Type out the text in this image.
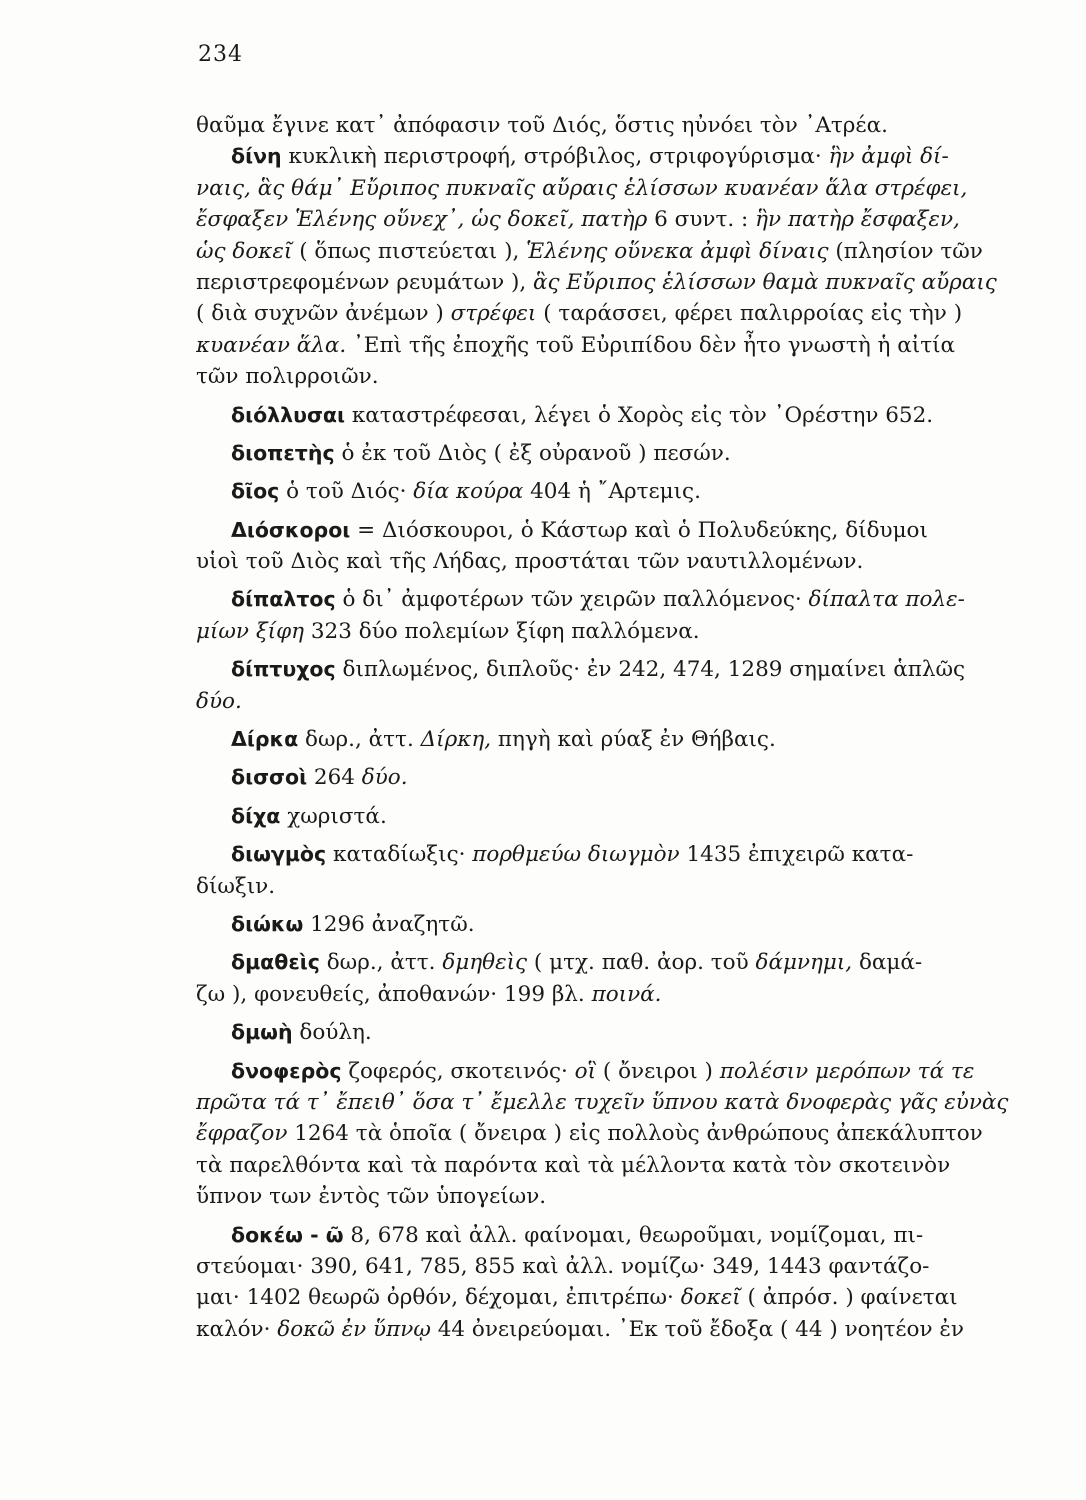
234
θαῦμα ἔγινε κατ᾽ ἀπόφασιν τοῦ Διός, ὅστις ηὐνόει τὸν ᾽Ατρέα.
δίνη κυκλικὴ περιστροφή, στρόβιλος, στριφογύρισμα· ἣν ἀμφὶ δί-
ναις, ἃς θάμ᾽ Εὔριπος πυκναῖς αὔραις ἑλίσσων κυανέαν ἅλα στρέφει,
ἔσφαξεν Ἑλένης οὕνεχ᾽, ὡς δοκεῖ, πατὴρ 6 συντ. : ἣν πατὴρ ἔσφαξεν,
ὡς δοκεῖ ( ὅπως πιστεύεται ), Ἑλένης οὕνεκα ἀμφὶ δίναις (πλησίον τῶν
περιστρεφομένων ρευμάτων ), ἃς Εὔριπος ἑλίσσων θαμὰ πυκναῖς αὔραις
( διὰ συχνῶν ἀνέμων ) στρέφει ( ταράσσει, φέρει παλιρροίας εἰς τὴν )
κυανέαν ἅλα. ᾽Επὶ τῆς ἐποχῆς τοῦ Εὐριπίδου δὲν ἦτο γνωστὴ ἡ αἰτία
τῶν πολιρροιῶν.
διόλλυσαι καταστρέφεσαι, λέγει ὁ Χορὸς εἰς τὸν ᾽Ορέστην 652.
διοπετὴς ὁ ἐκ τοῦ Διὸς ( ἐξ οὐρανοῦ ) πεσών.
δῖος ὁ τοῦ Διός· δία κούρα 404 ἡ ῎Αρτεμις.
Διόσκοροι = Διόσκουροι, ὁ Κάστωρ καὶ ὁ Πολυδεύκης, δίδυμοι
υἱοὶ τοῦ Διὸς καὶ τῆς Λήδας, προστάται τῶν ναυτιλλομένων.
δίπαλτος ὁ δι᾽ ἀμφοτέρων τῶν χειρῶν παλλόμενος· δίπαλτα πολε-
μίων ξίφη 323 δύο πολεμίων ξίφη παλλόμενα.
δίπτυχος διπλωμένος, διπλοῦς· ἐν 242, 474, 1289 σημαίνει ἁπλῶς
δύο.
Δίρκα δωρ., ἀττ. Δίρκη, πηγὴ καὶ ρύαξ ἐν Θήβαις.
δισσοὶ 264 δύο.
δίχα χωριστά.
διωγμὸς καταδίωξις· πορθμεύω διωγμὸν 1435 ἐπιχειρῶ κατα-
δίωξιν.
διώκω 1296 ἀναζητῶ.
δμαθεὶς δωρ., ἀττ. δμηθεὶς ( μτχ. παθ. ἀορ. τοῦ δάμνημι, δαμά-
ζω ), φονευθείς, ἀποθανών· 199 βλ. ποινά.
δμωὴ δούλη.
δνοφερὸς ζοφερός, σκοτεινός· οἳ ( ὄνειροι ) πολέσιν μερόπων τά τε
πρῶτα τά τ᾽ ἔπειθ᾽ ὅσα τ᾽ ἔμελλε τυχεῖν ὕπνου κατὰ δνοφερὰς γᾶς εὐνὰς
ἔφραζον 1264 τὰ ὁποῖα ( ὄνειρα ) εἰς πολλοὺς ἀνθρώπους ἀπεκάλυπτον
τὰ παρελθόντα καὶ τὰ παρόντα καὶ τὰ μέλλοντα κατὰ τὸν σκοτεινὸν
ὕπνον των ἐντὸς τῶν ὑπογείων.
δοκέω - ῶ 8, 678 καὶ ἀλλ. φαίνομαι, θεωροῦμαι, νομίζομαι, πι-
στεύομαι· 390, 641, 785, 855 καὶ ἀλλ. νομίζω· 349, 1443 φαντάζο-
μαι· 1402 θεωρῶ ὀρθόν, δέχομαι, ἐπιτρέπω· δοκεῖ ( ἀπρόσ. ) φαίνεται
καλόν· δοκῶ ἐν ὕπνῳ 44 ὀνειρεύομαι. ᾽Εκ τοῦ ἔδοξα ( 44 ) νοητέον ἐν
